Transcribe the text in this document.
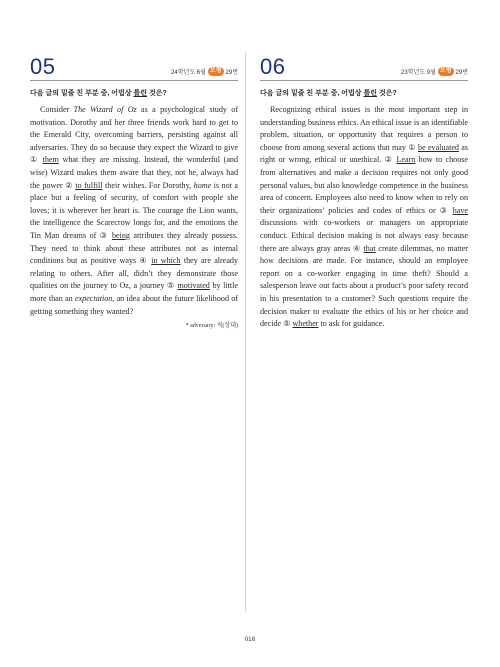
05	24학년도 6월 모평 29번

다음 글의 밑줄 친 부분 중, 어법상 틀린 것은?

Consider The Wizard of Oz as a psychological study of motivation. Dorothy and her three friends work hard to get to the Emerald City, overcoming barriers, persisting against all adversaries. They do so because they expect the Wizard to give ① them what they are missing. Instead, the wonderful (and wise) Wizard makes them aware that they, not he, always had the power ② to fulfill their wishes. For Dorothy, home is not a place but a feeling of security, of comfort with people she loves; it is wherever her heart is. The courage the Lion wants, the intelligence the Scarecrow longs for, and the emotions the Tin Man dreams of ③ being attributes they already possess. They need to think about these attributes not as internal conditions but as positive ways ④ in which they are already relating to others. After all, didn’t they demonstrate those qualities on the journey to Oz, a journey ⑤ motivated by little more than an expectation, an idea about the future likelihood of getting something they wanted?

* adversary: 적(상대)

06	23학년도 9월 모평 29번

다음 글의 밑줄 친 부분 중, 어법상 틀린 것은?

Recognizing ethical issues is the most important step in understanding business ethics. An ethical issue is an identifiable problem, situation, or opportunity that requires a person to choose from among several actions that may ① be evaluated as right or wrong, ethical or unethical. ② Learn how to choose from alternatives and make a decision requires not only good personal values, but also knowledge competence in the business area of concern. Employees also need to know when to rely on their organizations’ policies and codes of ethics or ③ have discussions with co-workers or managers on appropriate conduct. Ethical decision making is not always easy because there are always gray areas ④ that create dilemmas, no matter how decisions are made. For instance, should an employee report on a co-worker engaging in time theft? Should a salesperson leave out facts about a product’s poor safety record in his presentation to a customer? Such questions require the decision maker to evaluate the ethics of his or her choice and decide ⑤ whether to ask for guidance.

016
